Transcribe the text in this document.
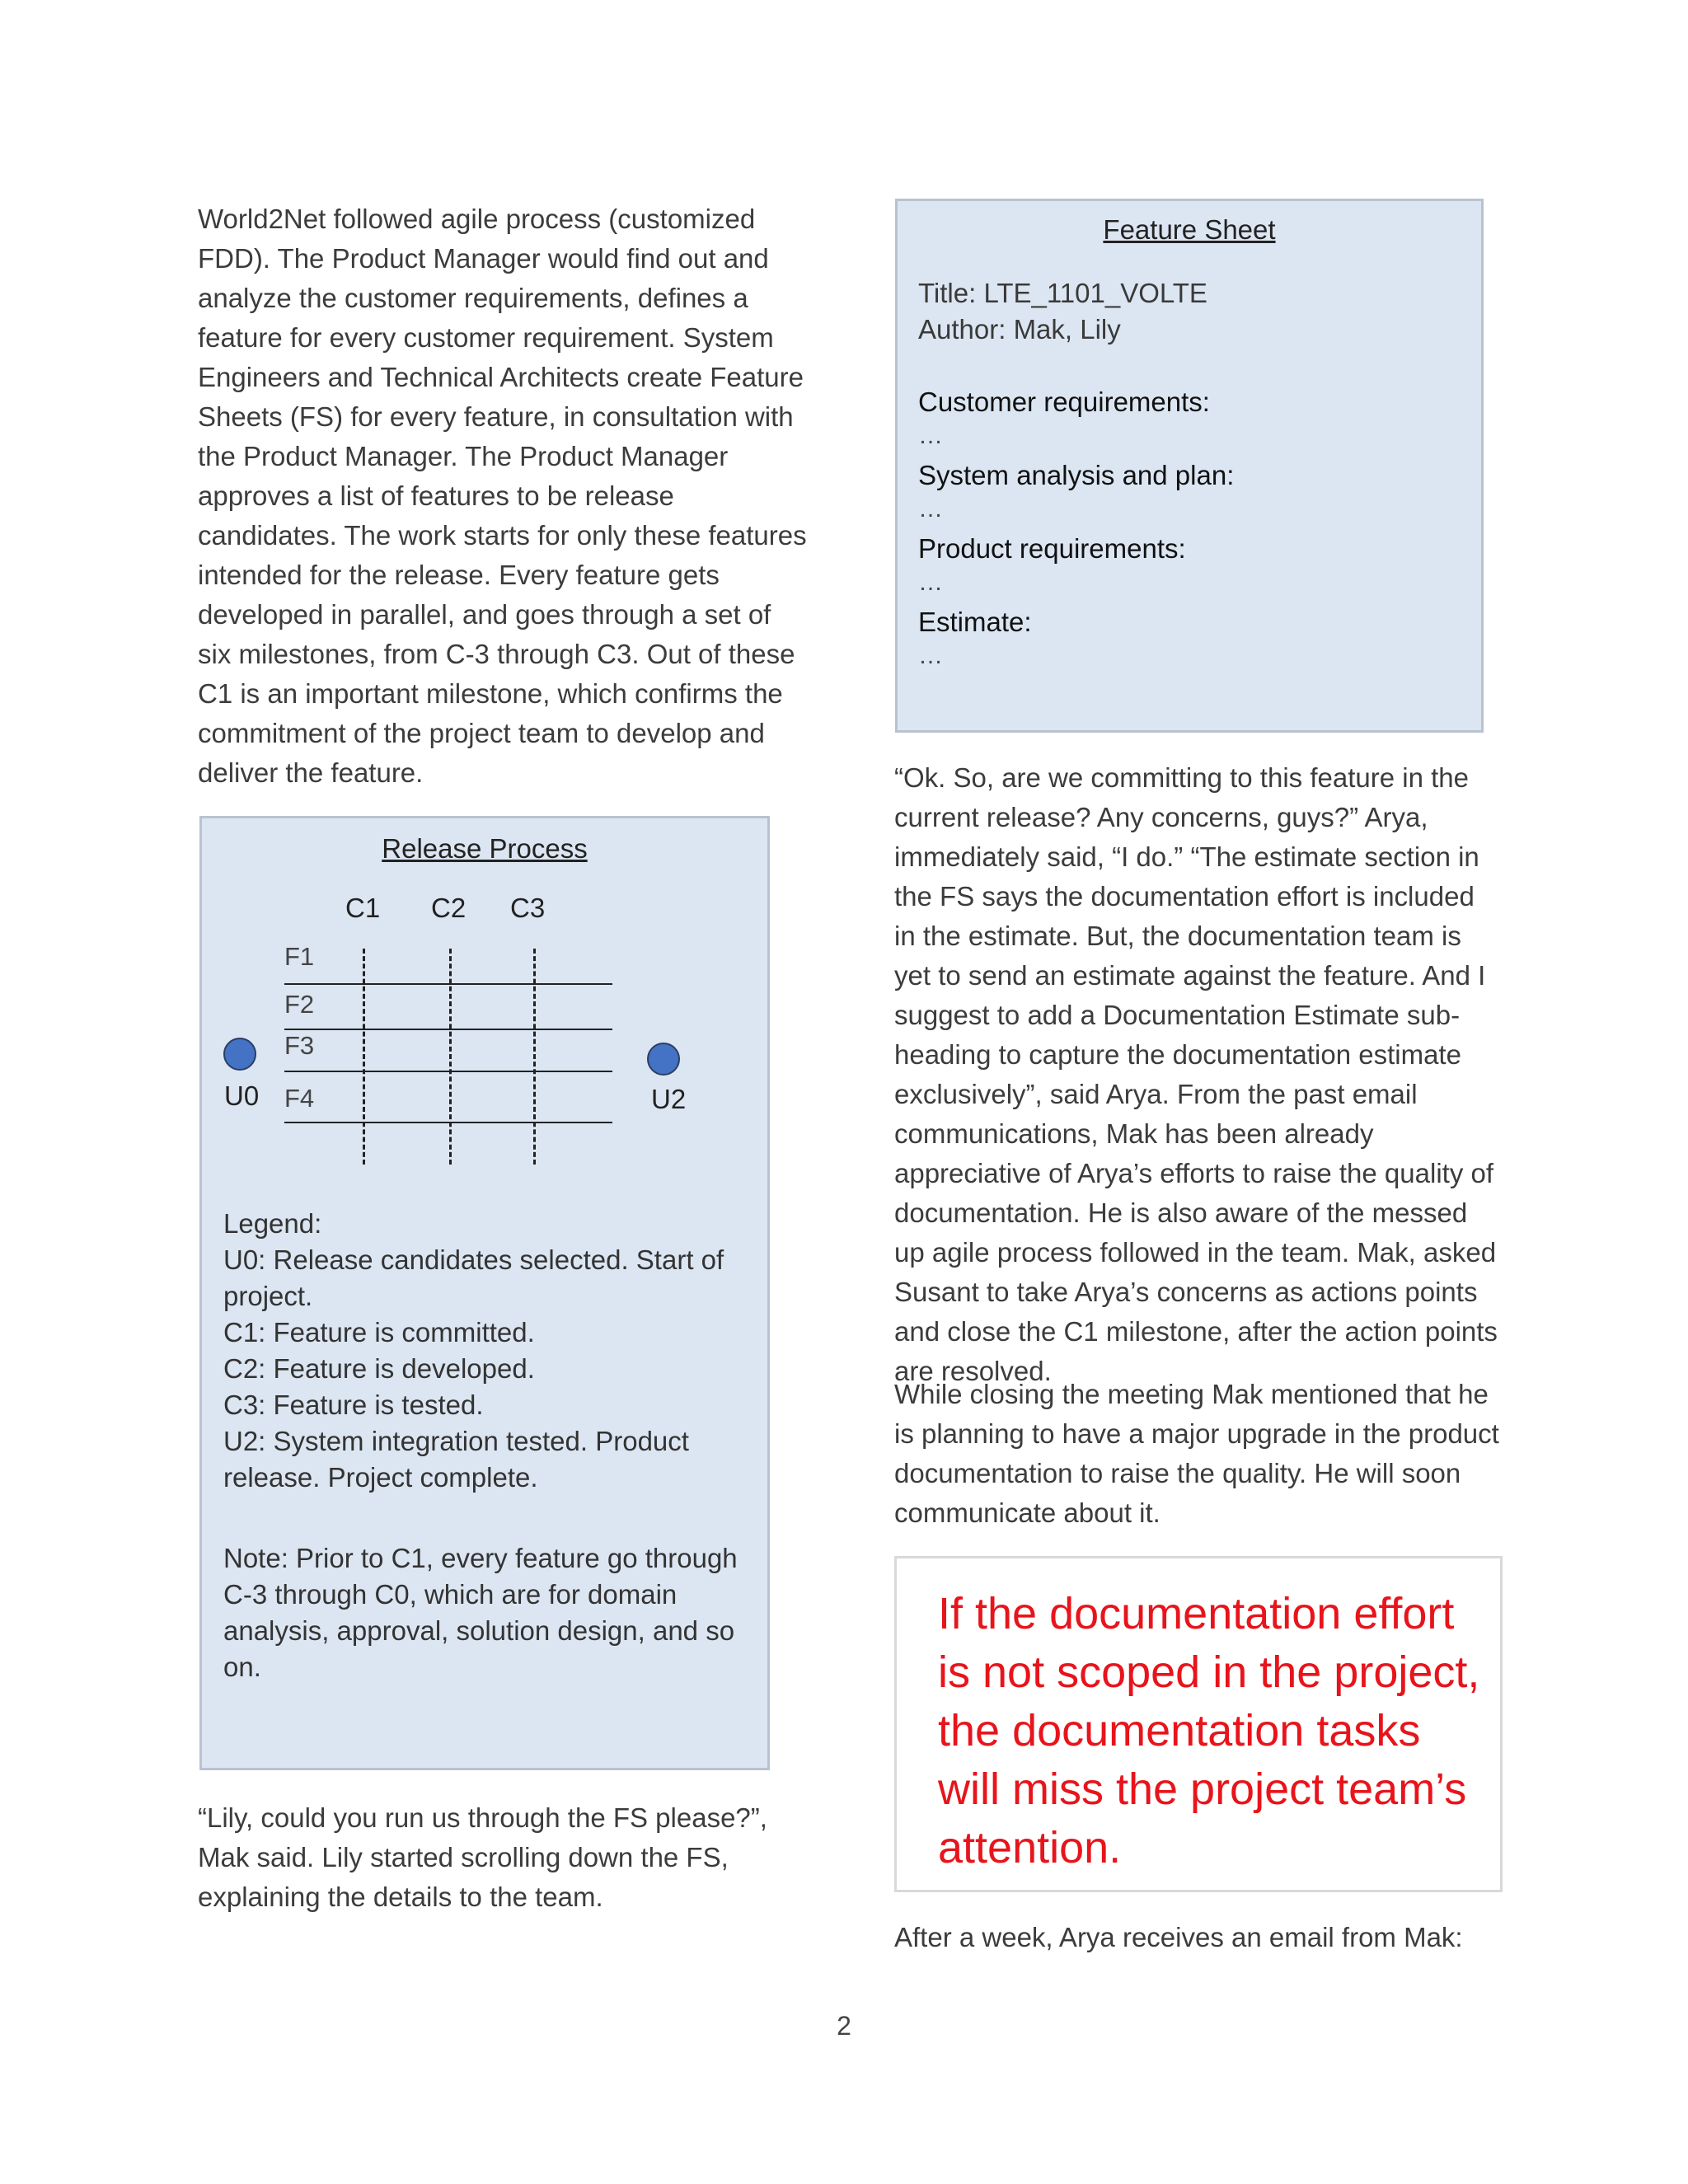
World2Net followed agile process (customized FDD). The Product Manager would find out and analyze the customer requirements, defines a feature for every customer requirement. System Engineers and Technical Architects create Feature Sheets (FS) for every feature, in consultation with the Product Manager. The Product Manager approves a list of features to be release candidates. The work starts for only these features intended for the release. Every feature gets developed in parallel, and goes through a set of six milestones, from C-3 through C3. Out of these C1 is an important milestone, which confirms the commitment of the project team to develop and deliver the feature.

Release Process
C1 C2 C3
F1
F2
F3
F4
U0	U2
Legend:
U0: Release candidates selected. Start of project.
C1: Feature is committed.
C2: Feature is developed.
C3: Feature is tested.
U2: System integration tested. Product release. Project complete.
Note: Prior to C1, every feature go through C-3 through C0, which are for domain analysis, approval, solution design, and so on.

“Lily, could you run us through the FS please?”, Mak said. Lily started scrolling down the FS, explaining the details to the team.

Feature Sheet
Title: LTE_1101_VOLTE
Author: Mak, Lily
Customer requirements:
…
System analysis and plan:
…
Product requirements:
…
Estimate:
…

“Ok. So, are we committing to this feature in the current release? Any concerns, guys?” Arya, immediately said, “I do.” “The estimate section in the FS says the documentation effort is included in the estimate. But, the documentation team is yet to send an estimate against the feature. And I suggest to add a Documentation Estimate sub-heading to capture the documentation estimate exclusively”, said Arya. From the past email communications, Mak has been already appreciative of Arya’s efforts to raise the quality of documentation. He is also aware of the messed up agile process followed in the team. Mak, asked Susant to take Arya’s concerns as actions points and close the C1 milestone, after the action points are resolved.

While closing the meeting Mak mentioned that he is planning to have a major upgrade in the product documentation to raise the quality. He will soon communicate about it.

If the documentation effort is not scoped in the project, the documentation tasks will miss the project team’s attention.

After a week, Arya receives an email from Mak:

2
